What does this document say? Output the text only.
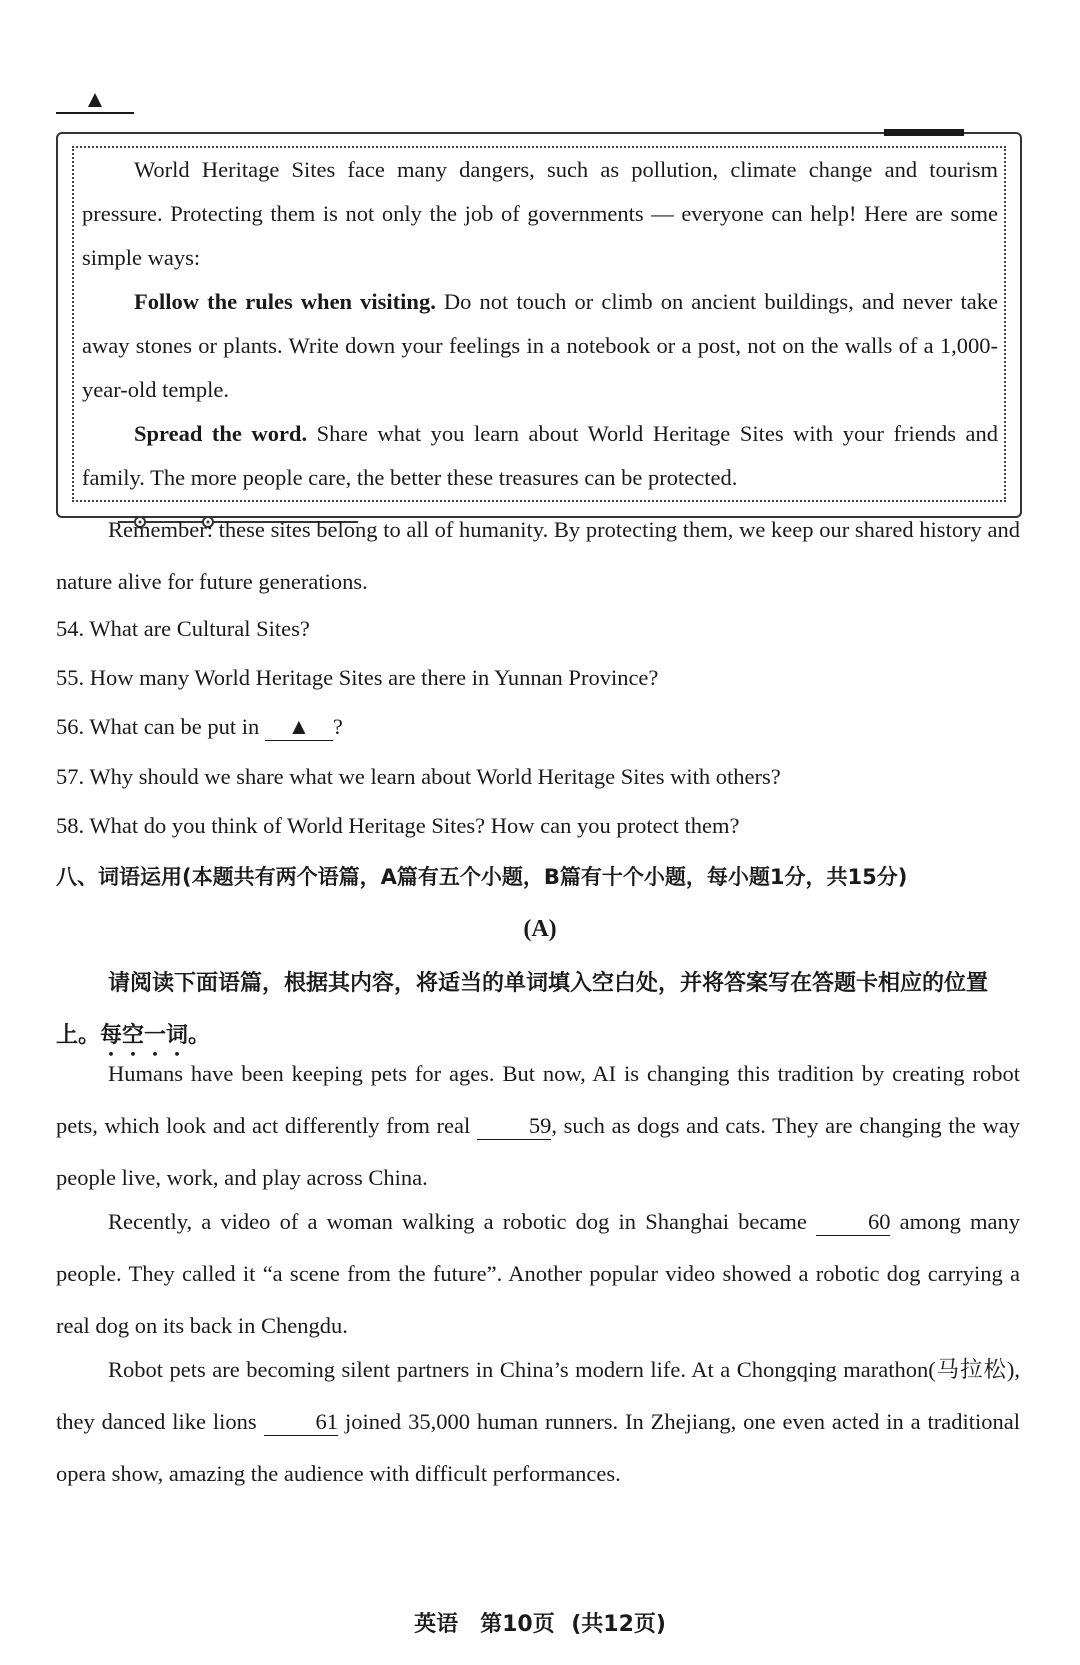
▲

World Heritage Sites face many dangers, such as pollution, climate change and tourism pressure. Protecting them is not only the job of governments — everyone can help! Here are some simple ways:

Follow the rules when visiting. Do not touch or climb on ancient buildings, and never take away stones or plants. Write down your feelings in a notebook or a post, not on the walls of a 1,000-year-old temple.

Spread the word. Share what you learn about World Heritage Sites with your friends and family. The more people care, the better these treasures can be protected.

Remember: these sites belong to all of humanity. By protecting them, we keep our shared history and nature alive for future generations.

54. What are Cultural Sites?

55. How many World Heritage Sites are there in Yunnan Province?

56. What can be put in ▲ ?

57. Why should we share what we learn about World Heritage Sites with others?

58. What do you think of World Heritage Sites? How can you protect them?

八、词语运用(本题共有两个语篇，A篇有五个小题，B篇有十个小题，每小题1分，共15分)
(A)

请阅读下面语篇，根据其内容，将适当的单词填入空白处，并将答案写在答题卡相应的位置上。每空一词。

Humans have been keeping pets for ages. But now, AI is changing this tradition by creating robot pets, which look and act differently from real 59, such as dogs and cats. They are changing the way people live, work, and play across China.

Recently, a video of a woman walking a robotic dog in Shanghai became 60 among many people. They called it “a scene from the future”. Another popular video showed a robotic dog carrying a real dog on its back in Chengdu.

Robot pets are becoming silent partners in China’s modern life. At a Chongqing marathon(马拉松), they danced like lions 61 joined 35,000 human runners. In Zhejiang, one even acted in a traditional opera show, amazing the audience with difficult performances.

英语 第10页 (共12页)
